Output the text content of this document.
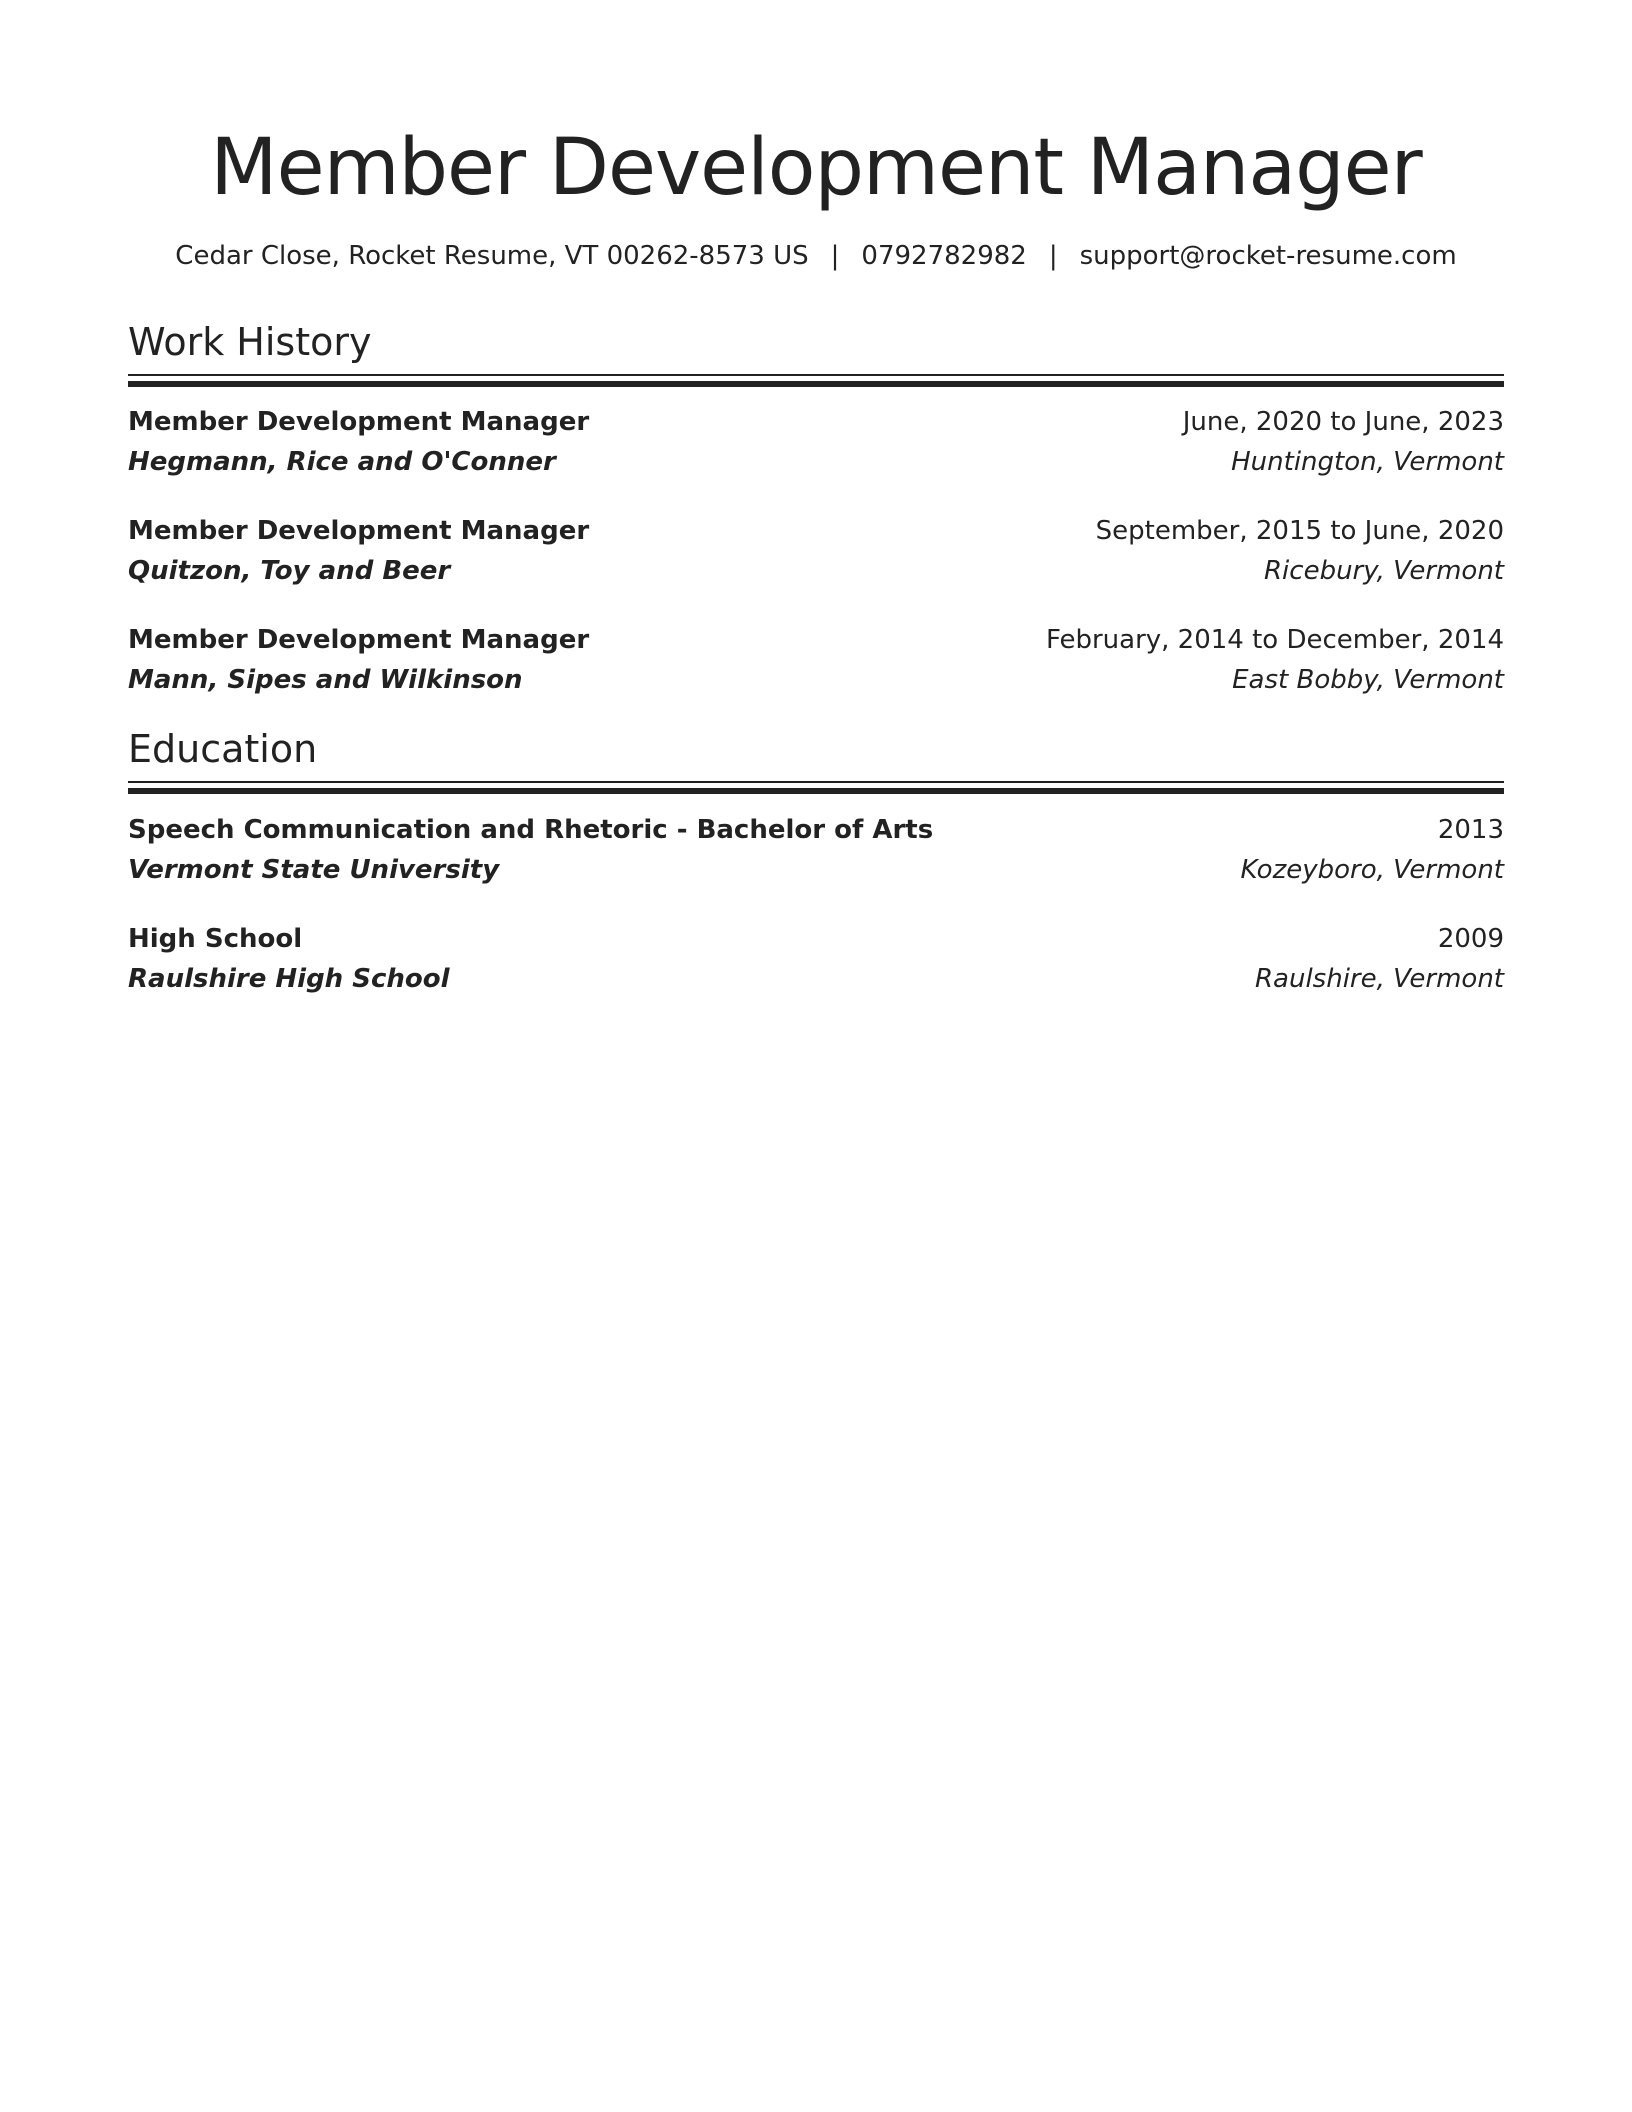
Member Development Manager
Cedar Close, Rocket Resume, VT 00262-8573 US | 0792782982 | support@rocket-resume.com
Work History
Member Development Manager	June, 2020 to June, 2023
Hegmann, Rice and O'Conner	Huntington, Vermont
Member Development Manager	September, 2015 to June, 2020
Quitzon, Toy and Beer	Ricebury, Vermont
Member Development Manager	February, 2014 to December, 2014
Mann, Sipes and Wilkinson	East Bobby, Vermont
Education
Speech Communication and Rhetoric - Bachelor of Arts	2013
Vermont State University	Kozeyboro, Vermont
High School	2009
Raulshire High School	Raulshire, Vermont
